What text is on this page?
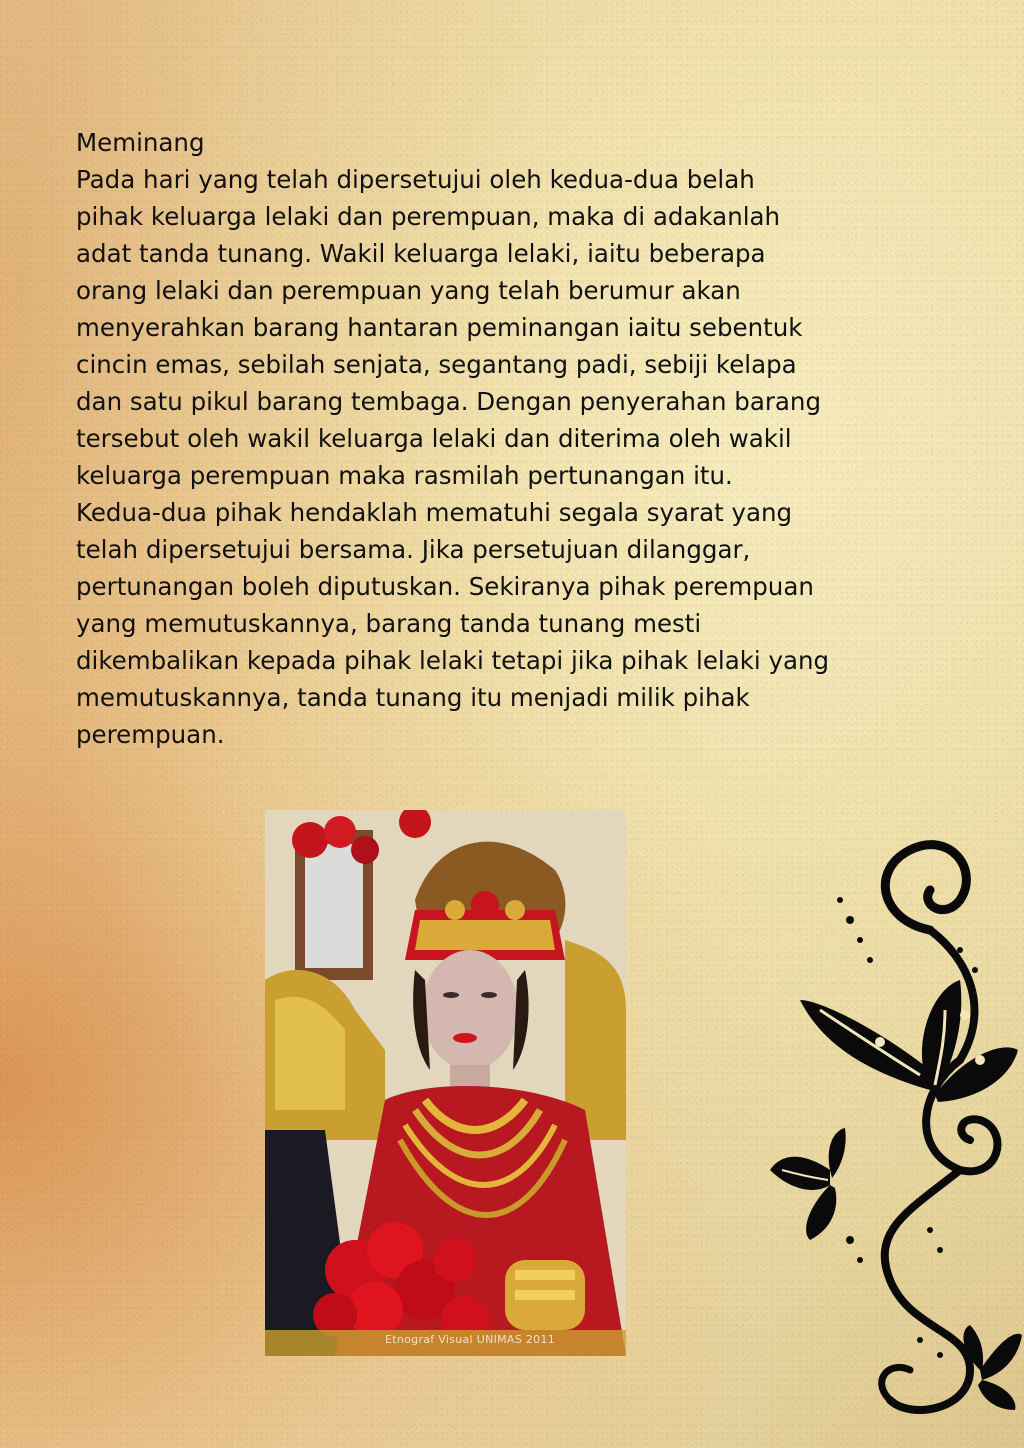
Meminang
Pada hari yang telah dipersetujui oleh kedua-dua belah
pihak keluarga lelaki dan perempuan, maka di adakanlah
adat tanda tunang. Wakil keluarga lelaki, iaitu beberapa
orang lelaki dan perempuan yang telah berumur akan
menyerahkan barang hantaran peminangan iaitu sebentuk
cincin emas, sebilah senjata, segantang padi, sebiji kelapa
dan satu pikul barang tembaga. Dengan penyerahan barang
tersebut oleh wakil keluarga lelaki dan diterima oleh wakil
keluarga perempuan maka rasmilah pertunangan itu.
Kedua-dua pihak hendaklah mematuhi segala syarat yang
telah dipersetujui bersama. Jika persetujuan dilanggar,
pertunangan boleh diputuskan. Sekiranya pihak perempuan
yang memutuskannya, barang tanda tunang mesti
dikembalikan kepada pihak lelaki tetapi jika pihak lelaki yang
memutuskannya, tanda tunang itu menjadi milik pihak
perempuan.
Etnograf Visual UNIMAS 2011
